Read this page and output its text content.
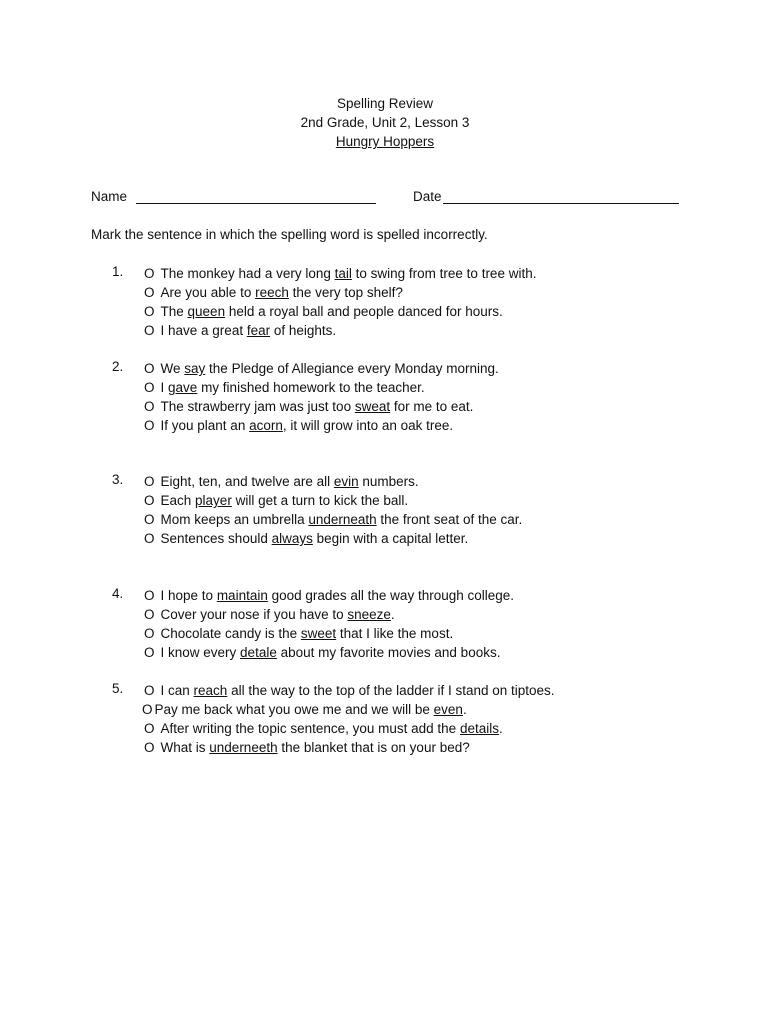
Spelling Review
2nd Grade, Unit 2, Lesson 3
Hungry Hoppers
Name	Date
Mark the sentence in which the spelling word is spelled incorrectly.
1. O The monkey had a very long tail to swing from tree to tree with.
O Are you able to reech the very top shelf?
O The queen held a royal ball and people danced for hours.
O I have a great fear of heights.
2. O We say the Pledge of Allegiance every Monday morning.
O I gave my finished homework to the teacher.
O The strawberry jam was just too sweat for me to eat.
O If you plant an acorn, it will grow into an oak tree.
3. O Eight, ten, and twelve are all evin numbers.
O Each player will get a turn to kick the ball.
O Mom keeps an umbrella underneath the front seat of the car.
O Sentences should always begin with a capital letter.
4. O I hope to maintain good grades all the way through college.
O Cover your nose if you have to sneeze.
O Chocolate candy is the sweet that I like the most.
O I know every detale about my favorite movies and books.
5. O I can reach all the way to the top of the ladder if I stand on tiptoes.
O Pay me back what you owe me and we will be even.
O After writing the topic sentence, you must add the details.
O What is underneeth the blanket that is on your bed?
